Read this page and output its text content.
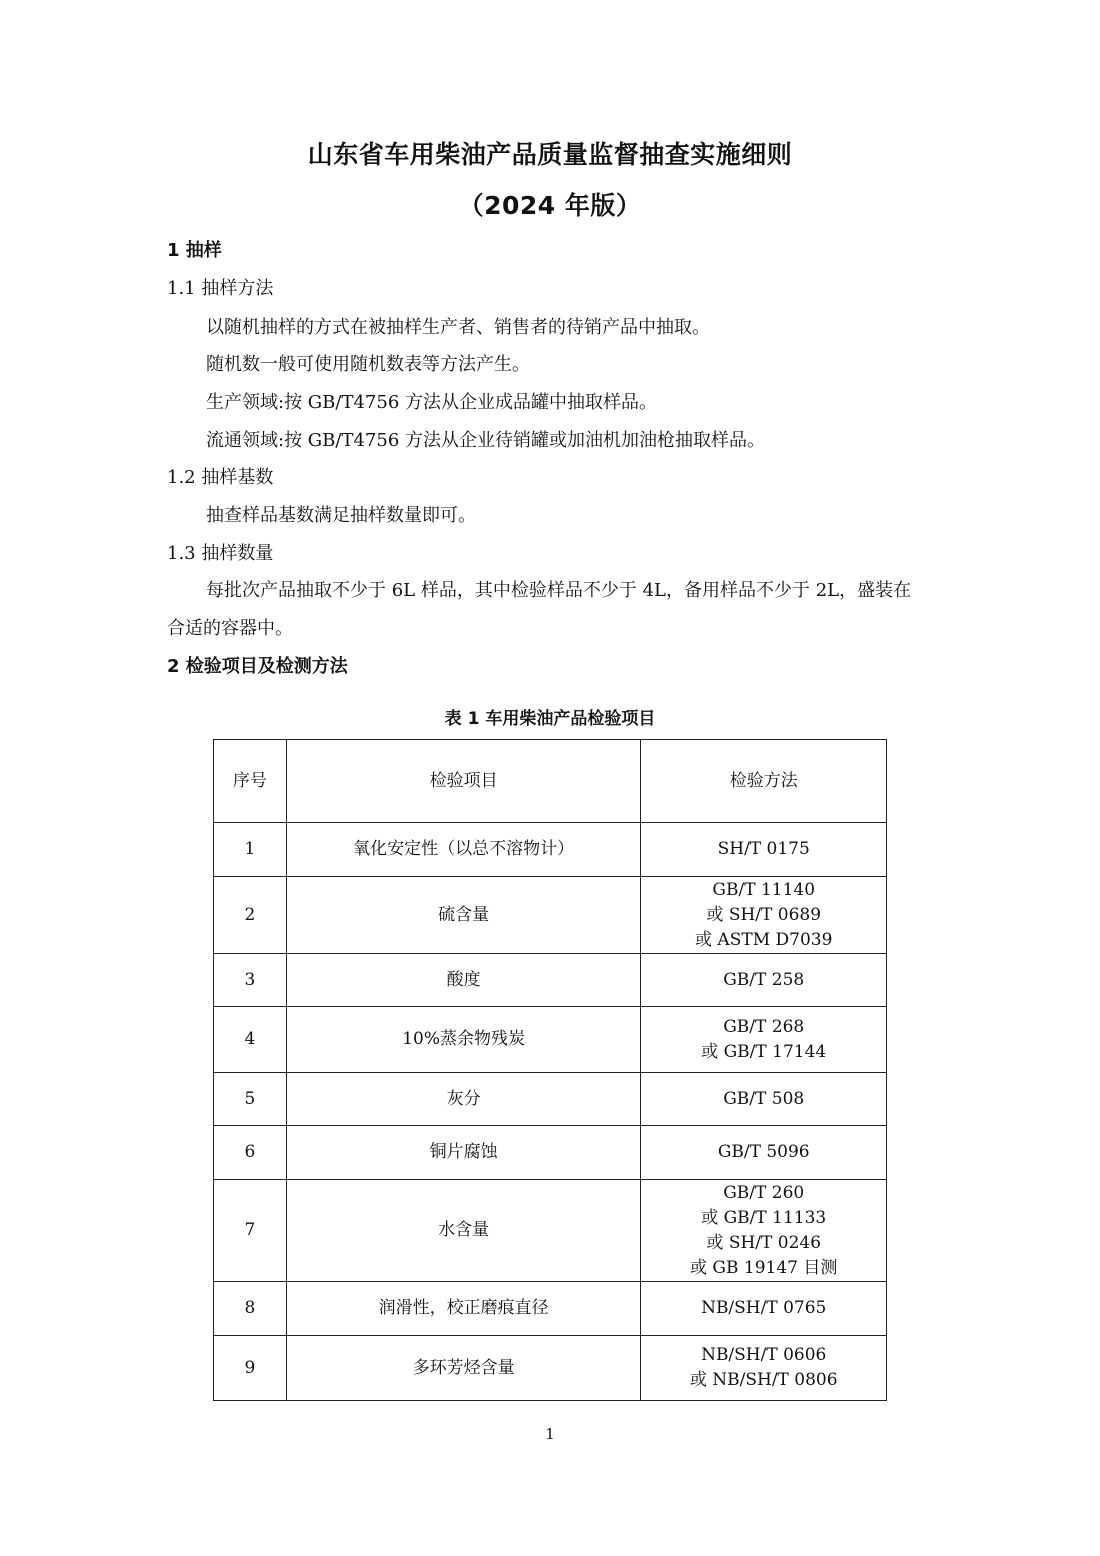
山东省车用柴油产品质量监督抽查实施细则
（2024 年版）
1 抽样
1.1 抽样方法
以随机抽样的方式在被抽样生产者、销售者的待销产品中抽取。
随机数一般可使用随机数表等方法产生。
生产领域:按 GB/T4756 方法从企业成品罐中抽取样品。
流通领域:按 GB/T4756 方法从企业待销罐或加油机加油枪抽取样品。
1.2 抽样基数
抽查样品基数满足抽样数量即可。
1.3 抽样数量
每批次产品抽取不少于 6L 样品，其中检验样品不少于 4L，备用样品不少于 2L，盛装在
合适的容器中。
2 检验项目及检测方法
表 1 车用柴油产品检验项目
序号	检验项目	检验方法
1	氧化安定性（以总不溶物计）	SH/T 0175

2	硫含量	GB/T 11140
或 SH/T 0689
或 ASTM D7039

3	酸度	GB/T 258

4	10%蒸余物残炭	GB/T 268
或 GB/T 17144

5	灰分	GB/T 508

6	铜片腐蚀	GB/T 5096

7	水含量	GB/T 260
或 GB/T 11133
或 SH/T 0246
或 GB 19147 目测

8	润滑性，校正磨痕直径	NB/SH/T 0765

9	多环芳烃含量	NB/SH/T 0606
或 NB/SH/T 0806
1
